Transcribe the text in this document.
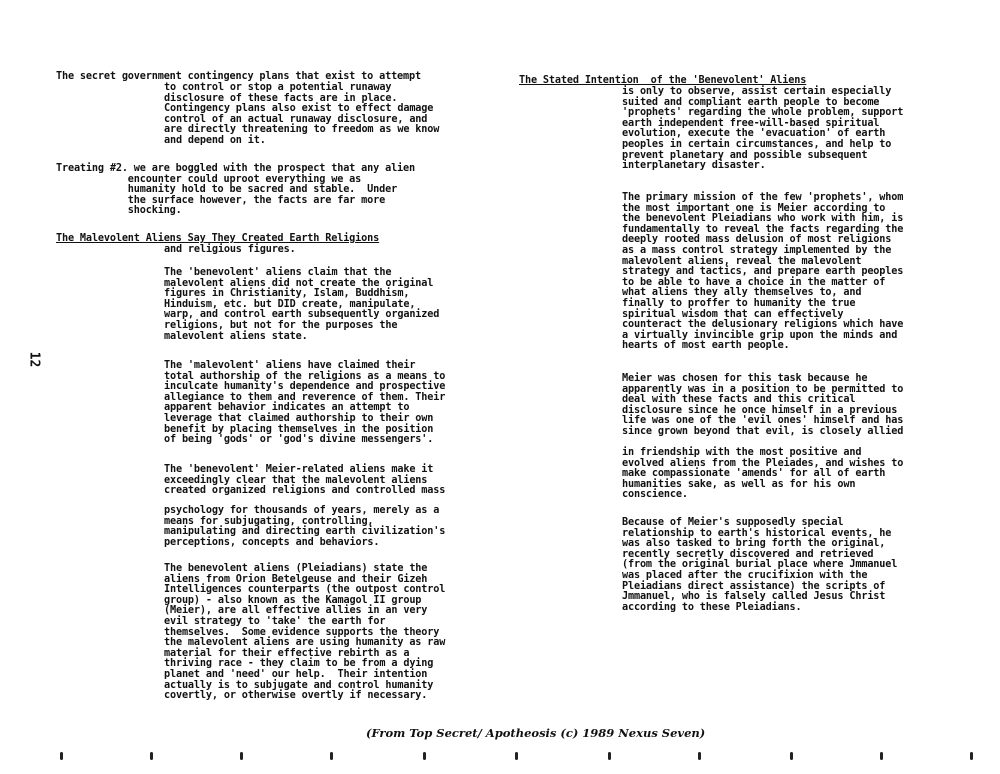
12
The secret government contingency plans that exist to attempt
to control or stop a potential runaway
disclosure of these facts are in place.
Contingency plans also exist to effect damage
control of an actual runaway disclosure, and
are directly threatening to freedom as we know
and depend on it.
Treating #2. we are boggled with the prospect that any alien
encounter could uproot everything we as
humanity hold to be sacred and stable.  Under
the surface however, the facts are far more
shocking.
The Malevolent Aliens Say They Created Earth Religions
and religious figures.
The 'benevolent' aliens claim that the
malevolent aliens did not create the original
figures in Christianity, Islam, Buddhism,
Hinduism, etc. but DID create, manipulate,
warp, and control earth subsequently organized
religions, but not for the purposes the
malevolent aliens state.
The 'malevolent' aliens have claimed their
total authorship of the religions as a means to
inculcate humanity's dependence and prospective
allegiance to them and reverence of them. Their
apparent behavior indicates an attempt to
leverage that claimed authorship to their own
benefit by placing themselves in the position
of being 'gods' or 'god's divine messengers'.
The 'benevolent' Meier-related aliens make it
exceedingly clear that the malevolent aliens
created organized religions and controlled mass
psychology for thousands of years, merely as a
means for subjugating, controlling,
manipulating and directing earth civilization's
perceptions, concepts and behaviors.
The benevolent aliens (Pleiadians) state the
aliens from Orion Betelgeuse and their Gizeh
Intelligences counterparts (the outpost control
group) - also known as the Kamagol II group
(Meier), are all effective allies in an very
evil strategy to 'take' the earth for
themselves.  Some evidence supports the theory
the malevolent aliens are using humanity as raw
material for their effective rebirth as a
thriving race - they claim to be from a dying
planet and 'need' our help.  Their intention
actually is to subjugate and control humanity
covertly, or otherwise overtly if necessary.
The Stated Intention  of the 'Benevolent' Aliens
is only to observe, assist certain especially
suited and compliant earth people to become
'prophets' regarding the whole problem, support
earth independent free-will-based spiritual
evolution, execute the 'evacuation' of earth
peoples in certain circumstances, and help to
prevent planetary and possible subsequent
interplanetary disaster.
The primary mission of the few 'prophets', whom
the most important one is Meier according to
the benevolent Pleiadians who work with him, is
fundamentally to reveal the facts regarding the
deeply rooted mass delusion of most religions
as a mass control strategy implemented by the
malevolent aliens, reveal the malevolent
strategy and tactics, and prepare earth peoples
to be able to have a choice in the matter of
what aliens they ally themselves to, and
finally to proffer to humanity the true
spiritual wisdom that can effectively
counteract the delusionary religions which have
a virtually invincible grip upon the minds and
hearts of most earth people.
Meier was chosen for this task because he
apparently was in a position to be permitted to
deal with these facts and this critical
disclosure since he once himself in a previous
life was one of the 'evil ones' himself and has
since grown beyond that evil, is closely allied
in friendship with the most positive and
evolved aliens from the Pleiades, and wishes to
make compassionate 'amends' for all of earth
humanities sake, as well as for his own
conscience.
Because of Meier's supposedly special
relationship to earth's historical events, he
was also tasked to bring forth the original,
recently secretly discovered and retrieved
(from the original burial place where Jmmanuel
was placed after the crucifixion with the
Pleiadians direct assistance) the scripts of
Jmmanuel, who is falsely called Jesus Christ
according to these Pleiadians.
(From Top Secret/ Apotheosis (c) 1989 Nexus Seven)
